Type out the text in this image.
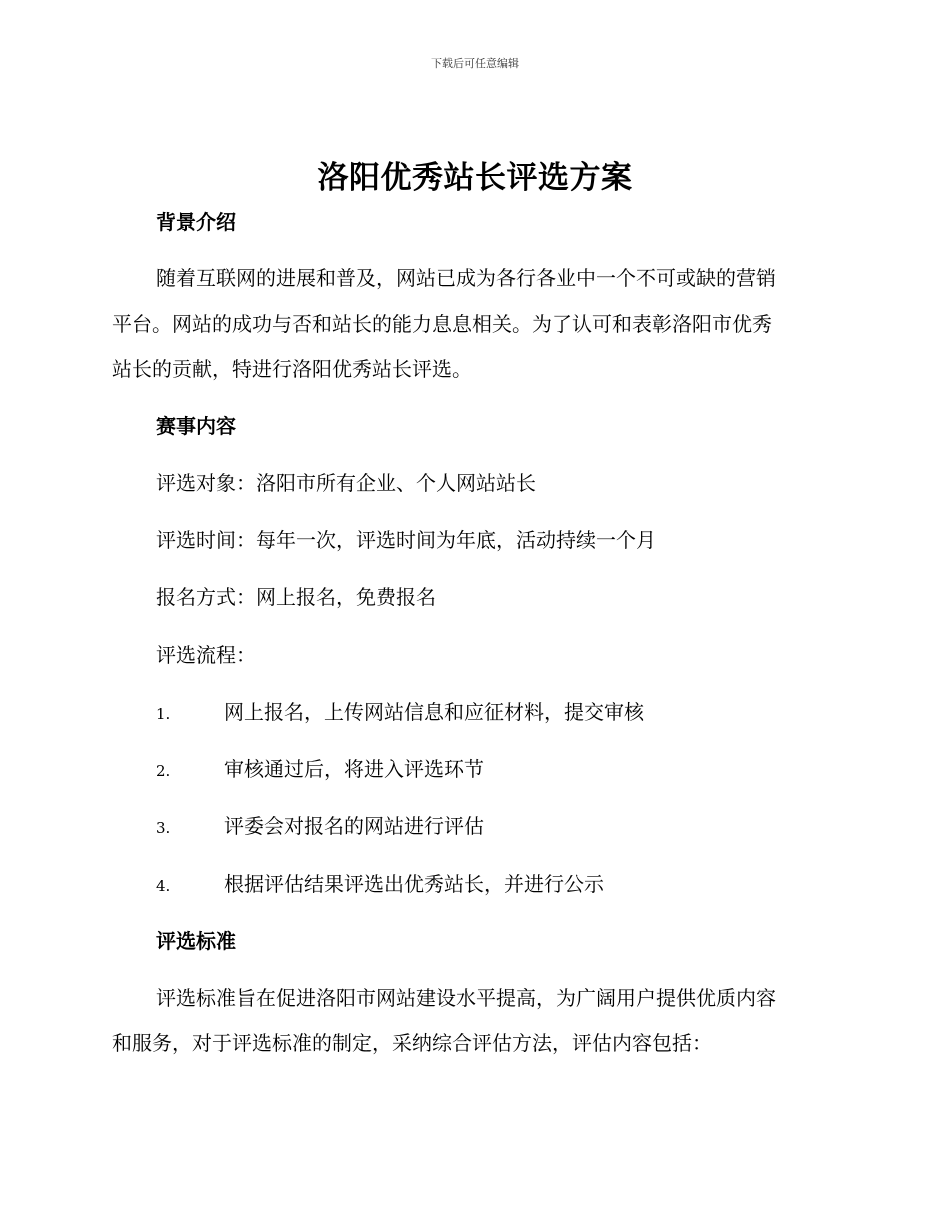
下载后可任意编辑
洛阳优秀站长评选方案
背景介绍
随着互联网的进展和普及，网站已成为各行各业中一个不可或缺的营销
平台。网站的成功与否和站长的能力息息相关。为了认可和表彰洛阳市优秀
站长的贡献，特进行洛阳优秀站长评选。
赛事内容
评选对象：洛阳市所有企业、个人网站站长
评选时间：每年一次，评选时间为年底，活动持续一个月
报名方式：网上报名，免费报名
评选流程：
1.	网上报名，上传网站信息和应征材料，提交审核
2.	审核通过后，将进入评选环节
3.	评委会对报名的网站进行评估
4.	根据评估结果评选出优秀站长，并进行公示
评选标准
评选标准旨在促进洛阳市网站建设水平提高，为广阔用户提供优质内容
和服务，对于评选标准的制定，采纳综合评估方法，评估内容包括：
